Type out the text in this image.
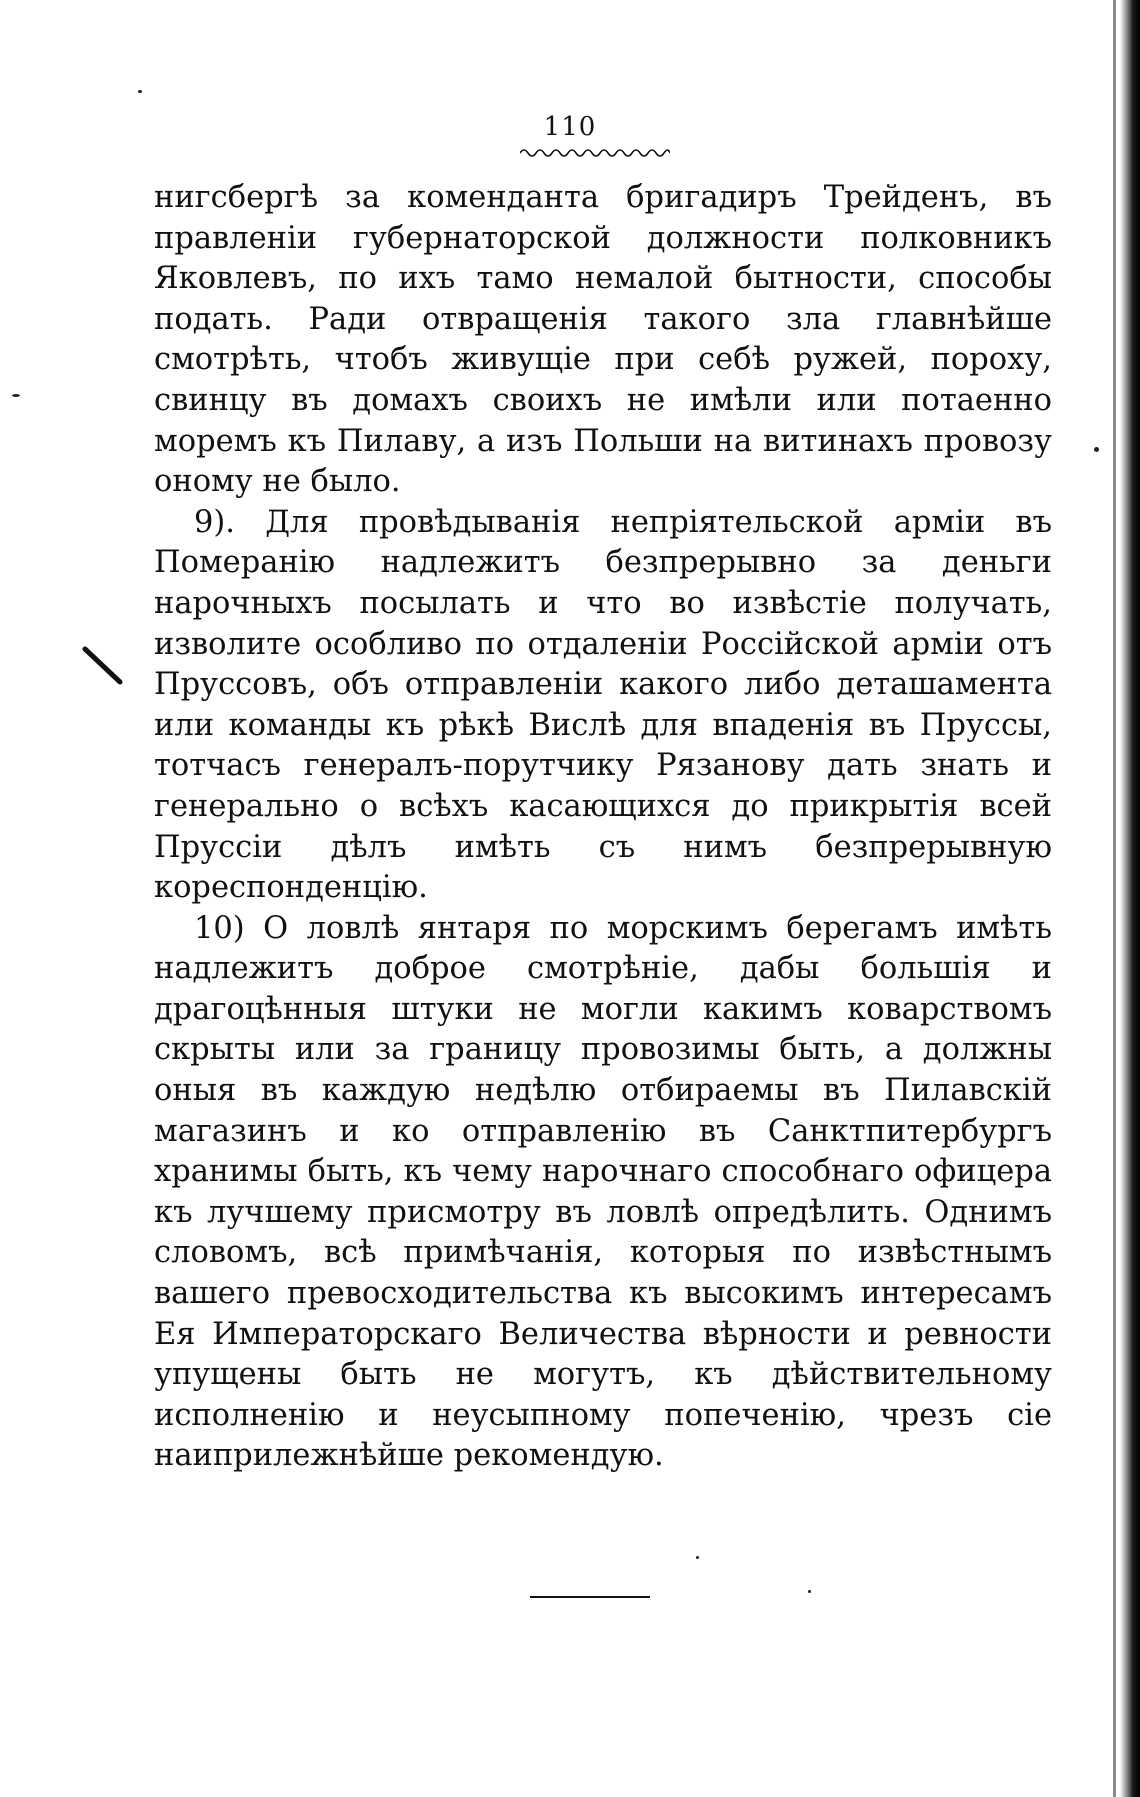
110

нигсбергѣ за коменданта бригадиръ Трейденъ, въ правленіи губернаторской должности полковникъ Яковлевъ, по ихъ тамо немалой бытности, способы подать. Ради отвращенія такого зла главнѣйше смотрѣть, чтобъ живущіе при себѣ ружей, пороху, свинцу въ домахъ своихъ не имѣли или потаенно моремъ къ Пилаву, а изъ Польши на витинахъ провозу оному не было.

9). Для провѣдыванія непріятельской арміи въ Померанію надлежитъ безпрерывно за деньги нарочныхъ посылать и что во извѣстіе получать, изволите особливо по отдаленіи Россійской арміи отъ Пруссовъ, объ отправленіи какого либо деташамента или команды къ рѣкѣ Вислѣ для впаденія въ Пруссы, тотчасъ генералъ-порутчику Рязанову дать знать и генерально о всѣхъ касающихся до прикрытія всей Пруссіи дѣлъ имѣть съ нимъ безпрерывную кореспонденцію.

10) О ловлѣ янтаря по морскимъ берегамъ имѣть надлежитъ доброе смотрѣніе, дабы большія и драгоцѣнныя штуки не могли какимъ коварствомъ скрыты или за границу провозимы быть, а должны оныя въ каждую недѣлю отбираемы въ Пилавскій магазинъ и ко отправленію въ Санктпитербургъ хранимы быть, къ чему нарочнаго способнаго офицера къ лучшему присмотру въ ловлѣ опредѣлить. Однимъ словомъ, всѣ примѣчанія, которыя по извѣстнымъ вашего превосходительства къ высокимъ интересамъ Ея Императорскаго Величества вѣрности и ревности упущены быть не могутъ, къ дѣйствительному исполненію и неусыпному попеченію, чрезъ сіе наиприлежнѣйше рекомендую.
